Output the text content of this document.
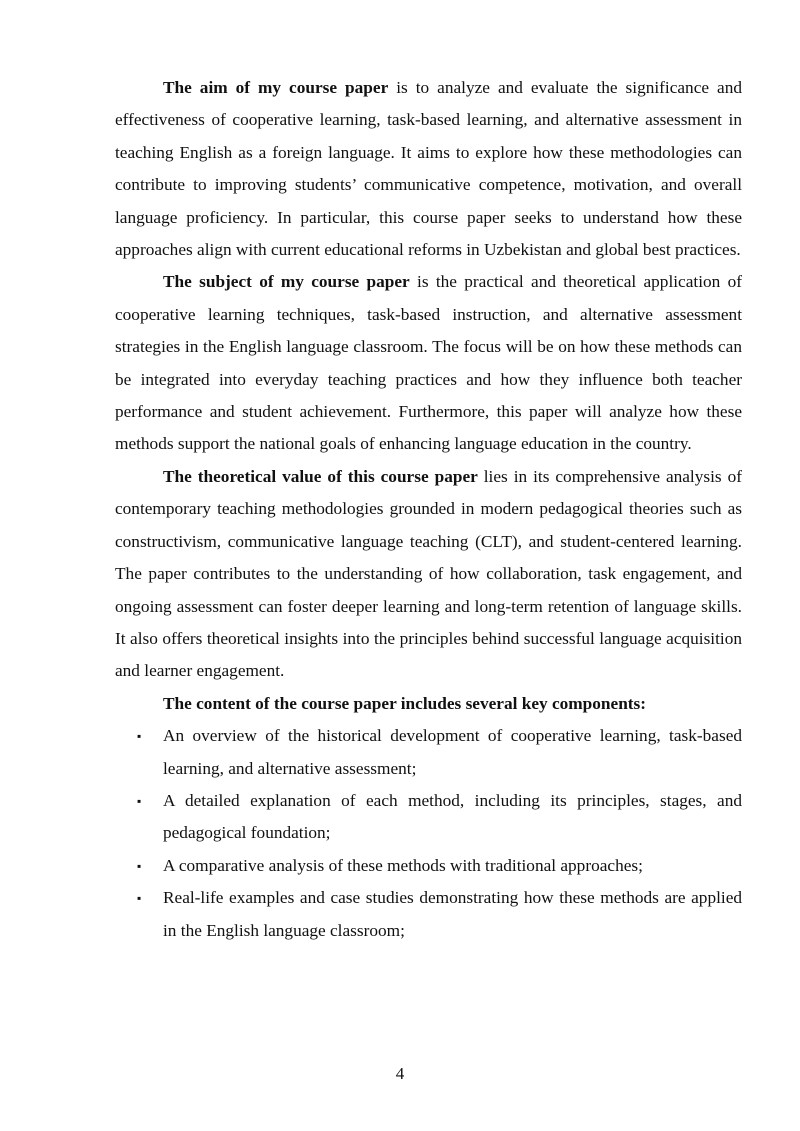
The aim of my course paper is to analyze and evaluate the significance and effectiveness of cooperative learning, task-based learning, and alternative assessment in teaching English as a foreign language. It aims to explore how these methodologies can contribute to improving students’ communicative competence, motivation, and overall language proficiency. In particular, this course paper seeks to understand how these approaches align with current educational reforms in Uzbekistan and global best practices.

The subject of my course paper is the practical and theoretical application of cooperative learning techniques, task-based instruction, and alternative assessment strategies in the English language classroom. The focus will be on how these methods can be integrated into everyday teaching practices and how they influence both teacher performance and student achievement. Furthermore, this paper will analyze how these methods support the national goals of enhancing language education in the country.

The theoretical value of this course paper lies in its comprehensive analysis of contemporary teaching methodologies grounded in modern pedagogical theories such as constructivism, communicative language teaching (CLT), and student-centered learning. The paper contributes to the understanding of how collaboration, task engagement, and ongoing assessment can foster deeper learning and long-term retention of language skills. It also offers theoretical insights into the principles behind successful language acquisition and learner engagement.

The content of the course paper includes several key components:

▪ An overview of the historical development of cooperative learning, task-based learning, and alternative assessment;
▪ A detailed explanation of each method, including its principles, stages, and pedagogical foundation;
▪ A comparative analysis of these methods with traditional approaches;
▪ Real-life examples and case studies demonstrating how these methods are applied in the English language classroom;
4
